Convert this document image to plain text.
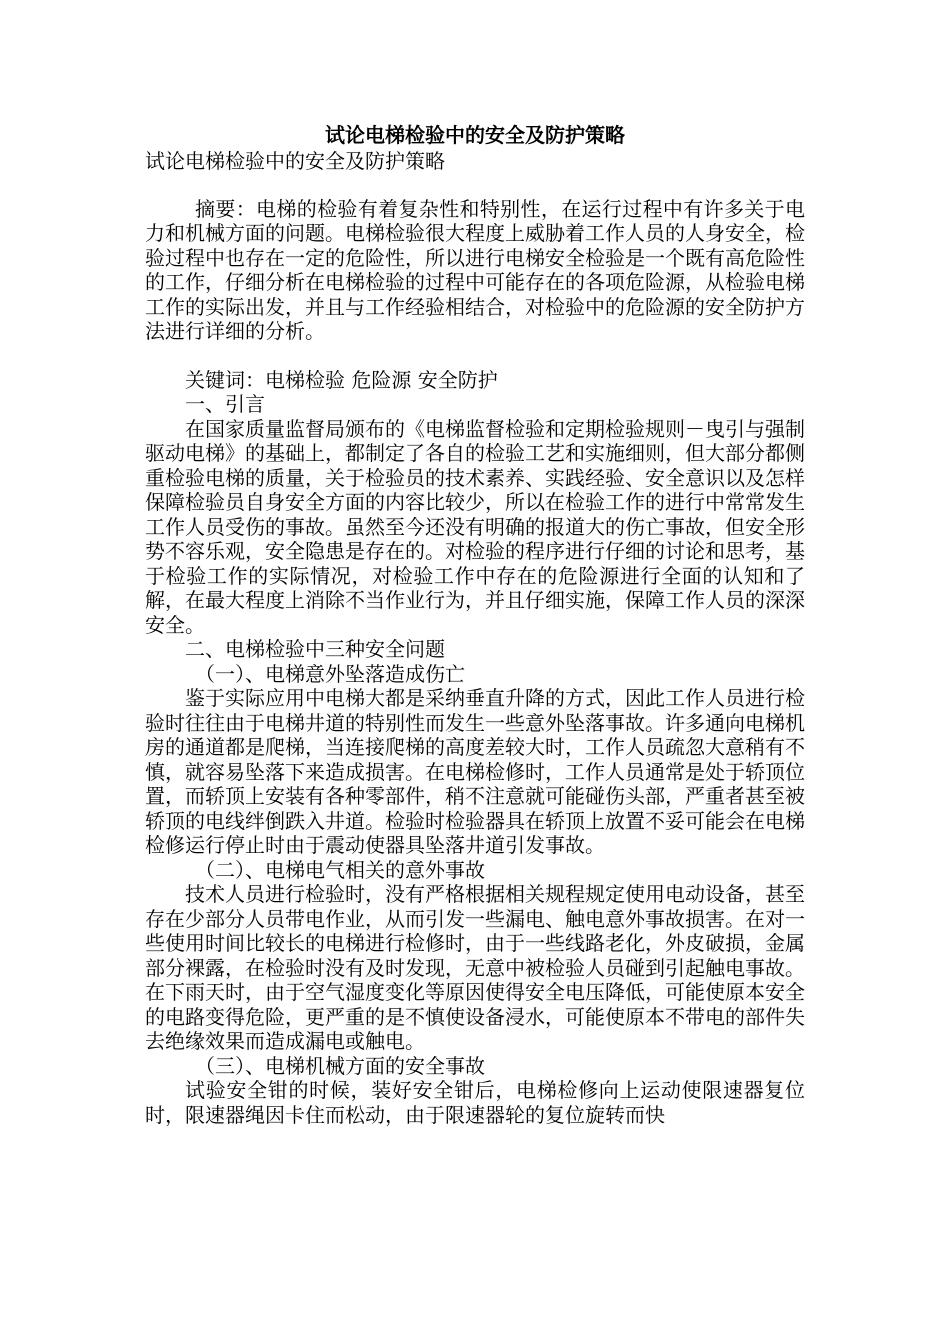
试论电梯检验中的安全及防护策略

试论电梯检验中的安全及防护策略

摘要：电梯的检验有着复杂性和特别性，在运行过程中有许多关于电力和机械方面的问题。电梯检验很大程度上威胁着工作人员的人身安全，检验过程中也存在一定的危险性，所以进行电梯安全检验是一个既有高危险性的工作，仔细分析在电梯检验的过程中可能存在的各项危险源，从检验电梯工作的实际出发，并且与工作经验相结合，对检验中的危险源的安全防护方法进行详细的分析。

关键词：电梯检验 危险源 安全防护

一、引言

在国家质量监督局颁布的《电梯监督检验和定期检验规则－曳引与强制驱动电梯》的基础上，都制定了各自的检验工艺和实施细则，但大部分都侧重检验电梯的质量，关于检验员的技术素养、实践经验、安全意识以及怎样保障检验员自身安全方面的内容比较少，所以在检验工作的进行中常常发生工作人员受伤的事故。虽然至今还没有明确的报道大的伤亡事故，但安全形势不容乐观，安全隐患是存在的。对检验的程序进行仔细的讨论和思考，基于检验工作的实际情况，对检验工作中存在的危险源进行全面的认知和了解，在最大程度上消除不当作业行为，并且仔细实施，保障工作人员的深深安全。

二、电梯检验中三种安全问题

（一）、电梯意外坠落造成伤亡

鉴于实际应用中电梯大都是采纳垂直升降的方式，因此工作人员进行检验时往往由于电梯井道的特别性而发生一些意外坠落事故。许多通向电梯机房的通道都是爬梯，当连接爬梯的高度差较大时，工作人员疏忽大意稍有不慎，就容易坠落下来造成损害。在电梯检修时，工作人员通常是处于轿顶位置，而轿顶上安装有各种零部件，稍不注意就可能碰伤头部，严重者甚至被轿顶的电线绊倒跌入井道。检验时检验器具在轿顶上放置不妥可能会在电梯检修运行停止时由于震动使器具坠落井道引发事故。

（二）、电梯电气相关的意外事故

技术人员进行检验时，没有严格根据相关规程规定使用电动设备，甚至存在少部分人员带电作业，从而引发一些漏电、触电意外事故损害。在对一些使用时间比较长的电梯进行检修时，由于一些线路老化，外皮破损，金属部分裸露，在检验时没有及时发现，无意中被检验人员碰到引起触电事故。在下雨天时，由于空气湿度变化等原因使得安全电压降低，可能使原本安全的电路变得危险，更严重的是不慎使设备浸水，可能使原本不带电的部件失去绝缘效果而造成漏电或触电。

（三）、电梯机械方面的安全事故

试验安全钳的时候，装好安全钳后，电梯检修向上运动使限速器复位时，限速器绳因卡住而松动，由于限速器轮的复位旋转而快
